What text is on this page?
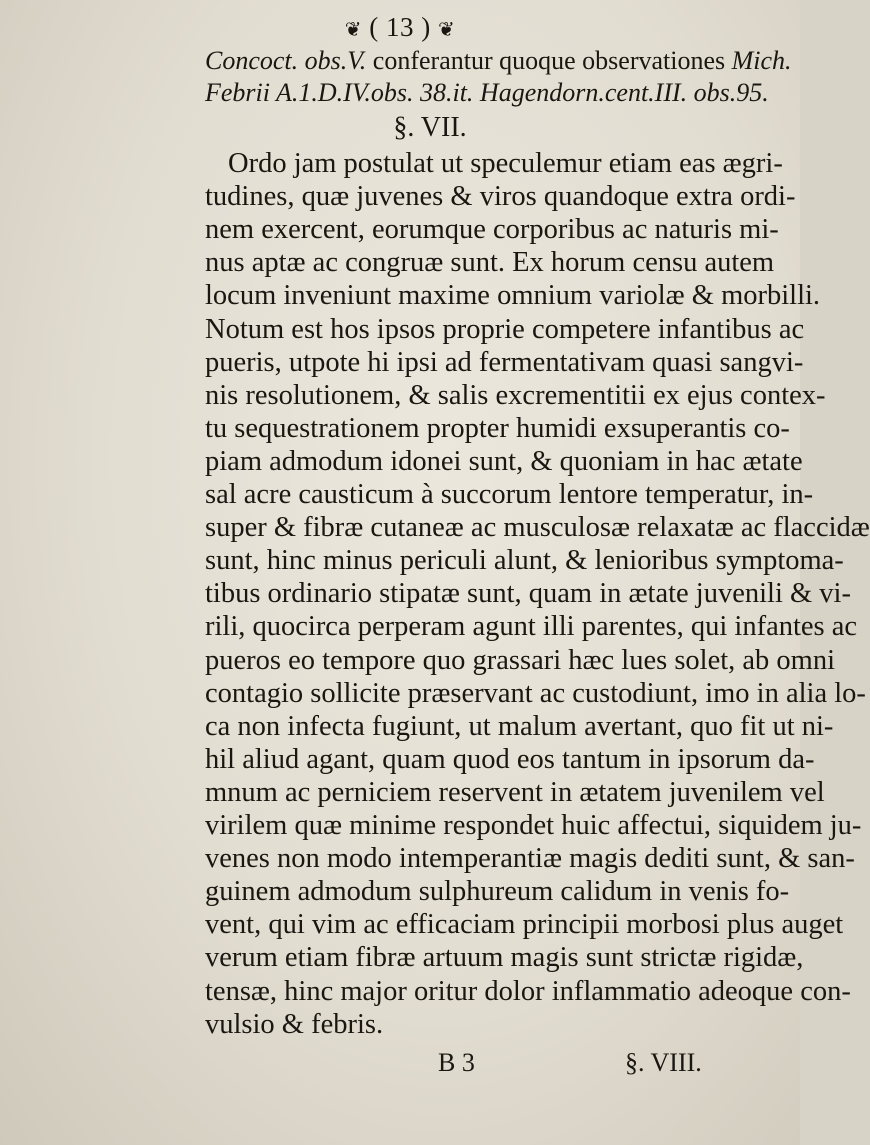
❦ ( 13 ) ❦
Concoct. obs.V. conferantur quoque observationes Mich.
Febrii A.1.D.IV.obs. 38.it. Hagendorn.cent.III. obs.95.
§. VII.
Ordo jam postulat ut speculemur etiam eas ægri-
tudines, quæ juvenes & viros quandoque extra ordi-
nem exercent, eorumque corporibus ac naturis mi-
nus aptæ ac congruæ sunt. Ex horum censu autem
locum inveniunt maxime omnium variolæ & morbilli.
Notum est hos ipsos proprie competere infantibus ac
pueris, utpote hi ipsi ad fermentativam quasi sangvi-
nis resolutionem, & salis excrementitii ex ejus contex-
tu sequestrationem propter humidi exsuperantis co-
piam admodum idonei sunt, & quoniam in hac ætate
sal acre causticum à succorum lentore temperatur, in-
super & fibræ cutaneæ ac musculosæ relaxatæ ac flaccidæ
sunt, hinc minus periculi alunt, & lenioribus symptoma-
tibus ordinario stipatæ sunt, quam in ætate juvenili & vi-
rili, quocirca perperam agunt illi parentes, qui infantes ac
pueros eo tempore quo grassari hæc lues solet, ab omni
contagio sollicite præservant ac custodiunt, imo in alia lo-
ca non infecta fugiunt, ut malum avertant, quo fit ut ni-
hil aliud agant, quam quod eos tantum in ipsorum da-
mnum ac perniciem reservent in ætatem juvenilem vel
virilem quæ minime respondet huic affectui, siquidem ju-
venes non modo intemperantiæ magis dediti sunt, & san-
guinem admodum sulphureum calidum in venis fo-
vent, qui vim ac efficaciam principii morbosi plus auget
verum etiam fibræ artuum magis sunt strictæ rigidæ,
tensæ, hinc major oritur dolor inflammatio adeoque con-
vulsio & febris.
B 3	§. VIII.
